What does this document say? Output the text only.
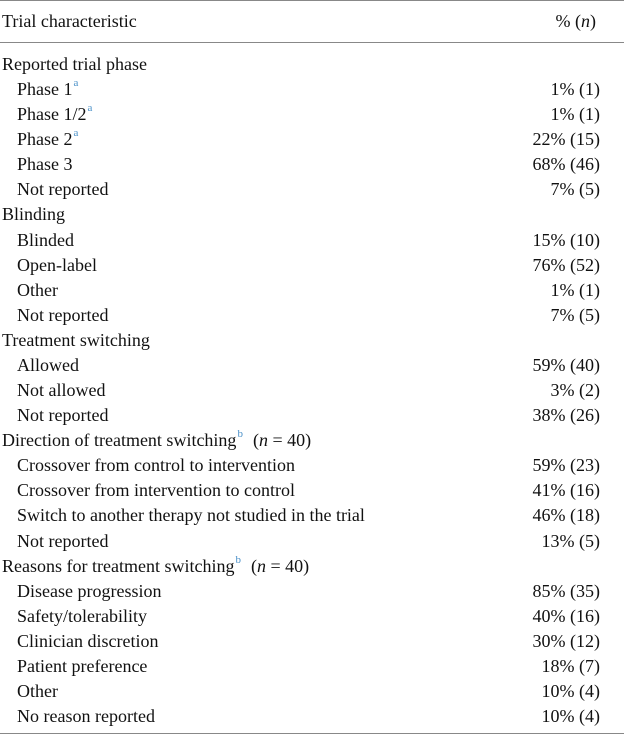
Trial characteristic	% (n)
Reported trial phase
Phase 1$^a$	1% (1)
Phase 1/2$^a$	1% (1)
Phase 2$^a$	22% (15)
Phase 3	68% (46)
Not reported	7% (5)
Blinding
Blinded	15% (10)
Open-label	76% (52)
Other	1% (1)
Not reported	7% (5)
Treatment switching
Allowed	59% (40)
Not allowed	3% (2)
Not reported	38% (26)
Direction of treatment switching$^b$ (n = 40)
Crossover from control to intervention	59% (23)
Crossover from intervention to control	41% (16)
Switch to another therapy not studied in the trial	46% (18)
Not reported	13% (5)
Reasons for treatment switching$^b$ (n = 40)
Disease progression	85% (35)
Safety/tolerability	40% (16)
Clinician discretion	30% (12)
Patient preference	18% (7)
Other	10% (4)
No reason reported	10% (4)
